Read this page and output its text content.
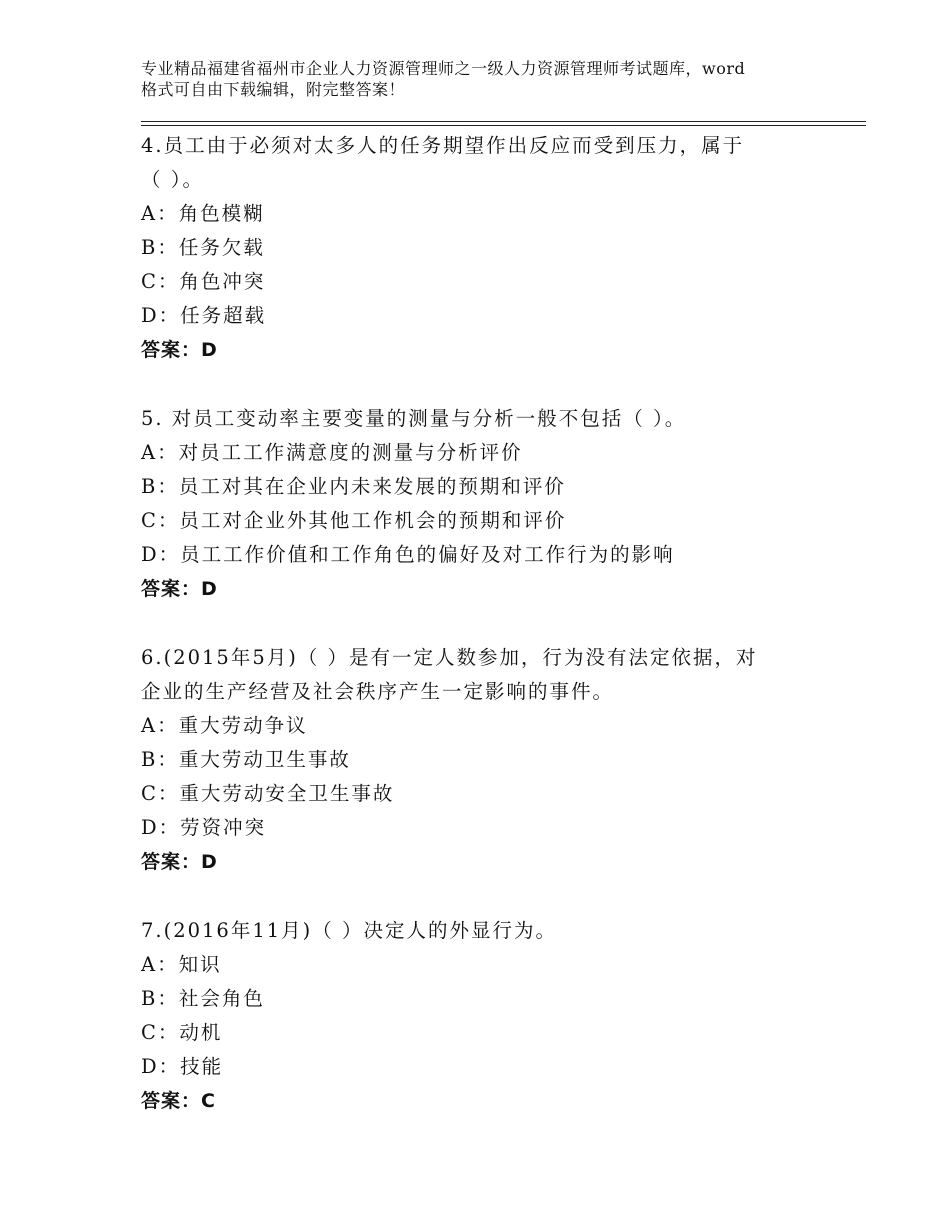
专业精品福建省福州市企业人力资源管理师之一级人力资源管理师考试题库，word
格式可自由下载编辑，附完整答案！
4.员工由于必须对太多人的任务期望作出反应而受到压力，属于
（ ）。
A：角色模糊
B：任务欠载
C：角色冲突
D：任务超载
答案：D
5. 对员工变动率主要变量的测量与分析一般不包括（ ）。
A：对员工工作满意度的测量与分析评价
B：员工对其在企业内未来发展的预期和评价
C：员工对企业外其他工作机会的预期和评价
D：员工工作价值和工作角色的偏好及对工作行为的影响
答案：D
6.(2015年5月)（ ）是有一定人数参加，行为没有法定依据，对
企业的生产经营及社会秩序产生一定影响的事件。
A：重大劳动争议
B：重大劳动卫生事故
C：重大劳动安全卫生事故
D：劳资冲突
答案：D
7.(2016年11月)（ ）决定人的外显行为。
A：知识
B：社会角色
C：动机
D：技能
答案：C
